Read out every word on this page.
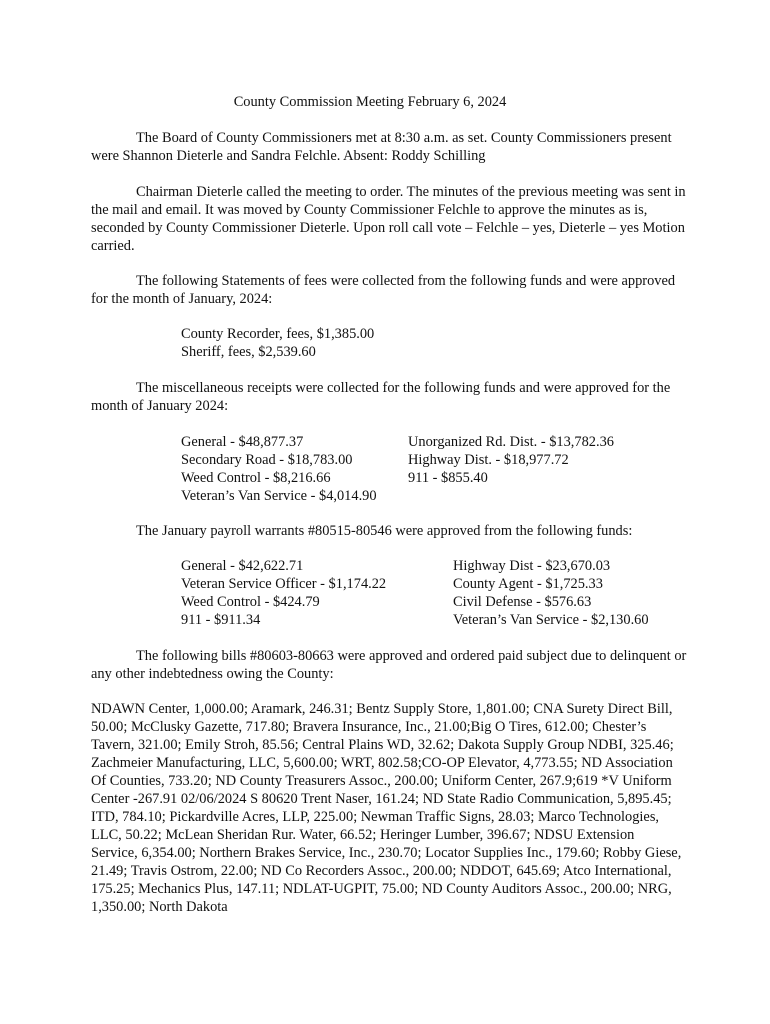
County Commission Meeting February 6, 2024

The Board of County Commissioners met at 8:30 a.m. as set. County Commissioners present were Shannon Dieterle and Sandra Felchle. Absent: Roddy Schilling

Chairman Dieterle called the meeting to order. The minutes of the previous meeting was sent in the mail and email. It was moved by County Commissioner Felchle to approve the minutes as is, seconded by County Commissioner Dieterle. Upon roll call vote – Felchle – yes, Dieterle – yes Motion carried.

The following Statements of fees were collected from the following funds and were approved for the month of January, 2024:

County Recorder, fees, $1,385.00
Sheriff, fees, $2,539.60

The miscellaneous receipts were collected for the following funds and were approved for the month of January 2024:

General - $48,877.37
Secondary Road - $18,783.00
Weed Control - $8,216.66
Veteran’s Van Service - $4,014.90
Unorganized Rd. Dist. - $13,782.36
Highway Dist. - $18,977.72
911 - $855.40

The January payroll warrants #80515-80546 were approved from the following funds:

General - $42,622.71
Veteran Service Officer - $1,174.22
Weed Control - $424.79
911 - $911.34
Highway Dist - $23,670.03
County Agent - $1,725.33
Civil Defense - $576.63
Veteran’s Van Service - $2,130.60

The following bills #80603-80663 were approved and ordered paid subject due to delinquent or any other indebtedness owing the County:

NDAWN Center, 1,000.00; Aramark, 246.31; Bentz Supply Store, 1,801.00; CNA Surety Direct Bill, 50.00; McClusky Gazette, 717.80; Bravera Insurance, Inc., 21.00;Big O Tires, 612.00; Chester’s Tavern, 321.00; Emily Stroh, 85.56; Central Plains WD, 32.62; Dakota Supply Group NDBI, 325.46; Zachmeier Manufacturing, LLC, 5,600.00; WRT, 802.58;CO-OP Elevator, 4,773.55; ND Association Of Counties, 733.20; ND County Treasurers Assoc., 200.00; Uniform Center, 267.9;619 *V Uniform Center -267.91 02/06/2024 S 80620 Trent Naser, 161.24; ND State Radio Communication, 5,895.45; ITD, 784.10; Pickardville Acres, LLP, 225.00; Newman Traffic Signs, 28.03; Marco Technologies, LLC, 50.22; McLean Sheridan Rur. Water, 66.52; Heringer Lumber, 396.67; NDSU Extension Service, 6,354.00; Northern Brakes Service, Inc., 230.70; Locator Supplies Inc., 179.60; Robby Giese, 21.49; Travis Ostrom, 22.00; ND Co Recorders Assoc., 200.00; NDDOT, 645.69; Atco International, 175.25; Mechanics Plus, 147.11; NDLAT-UGPIT, 75.00; ND County Auditors Assoc., 200.00; NRG, 1,350.00; North Dakota
